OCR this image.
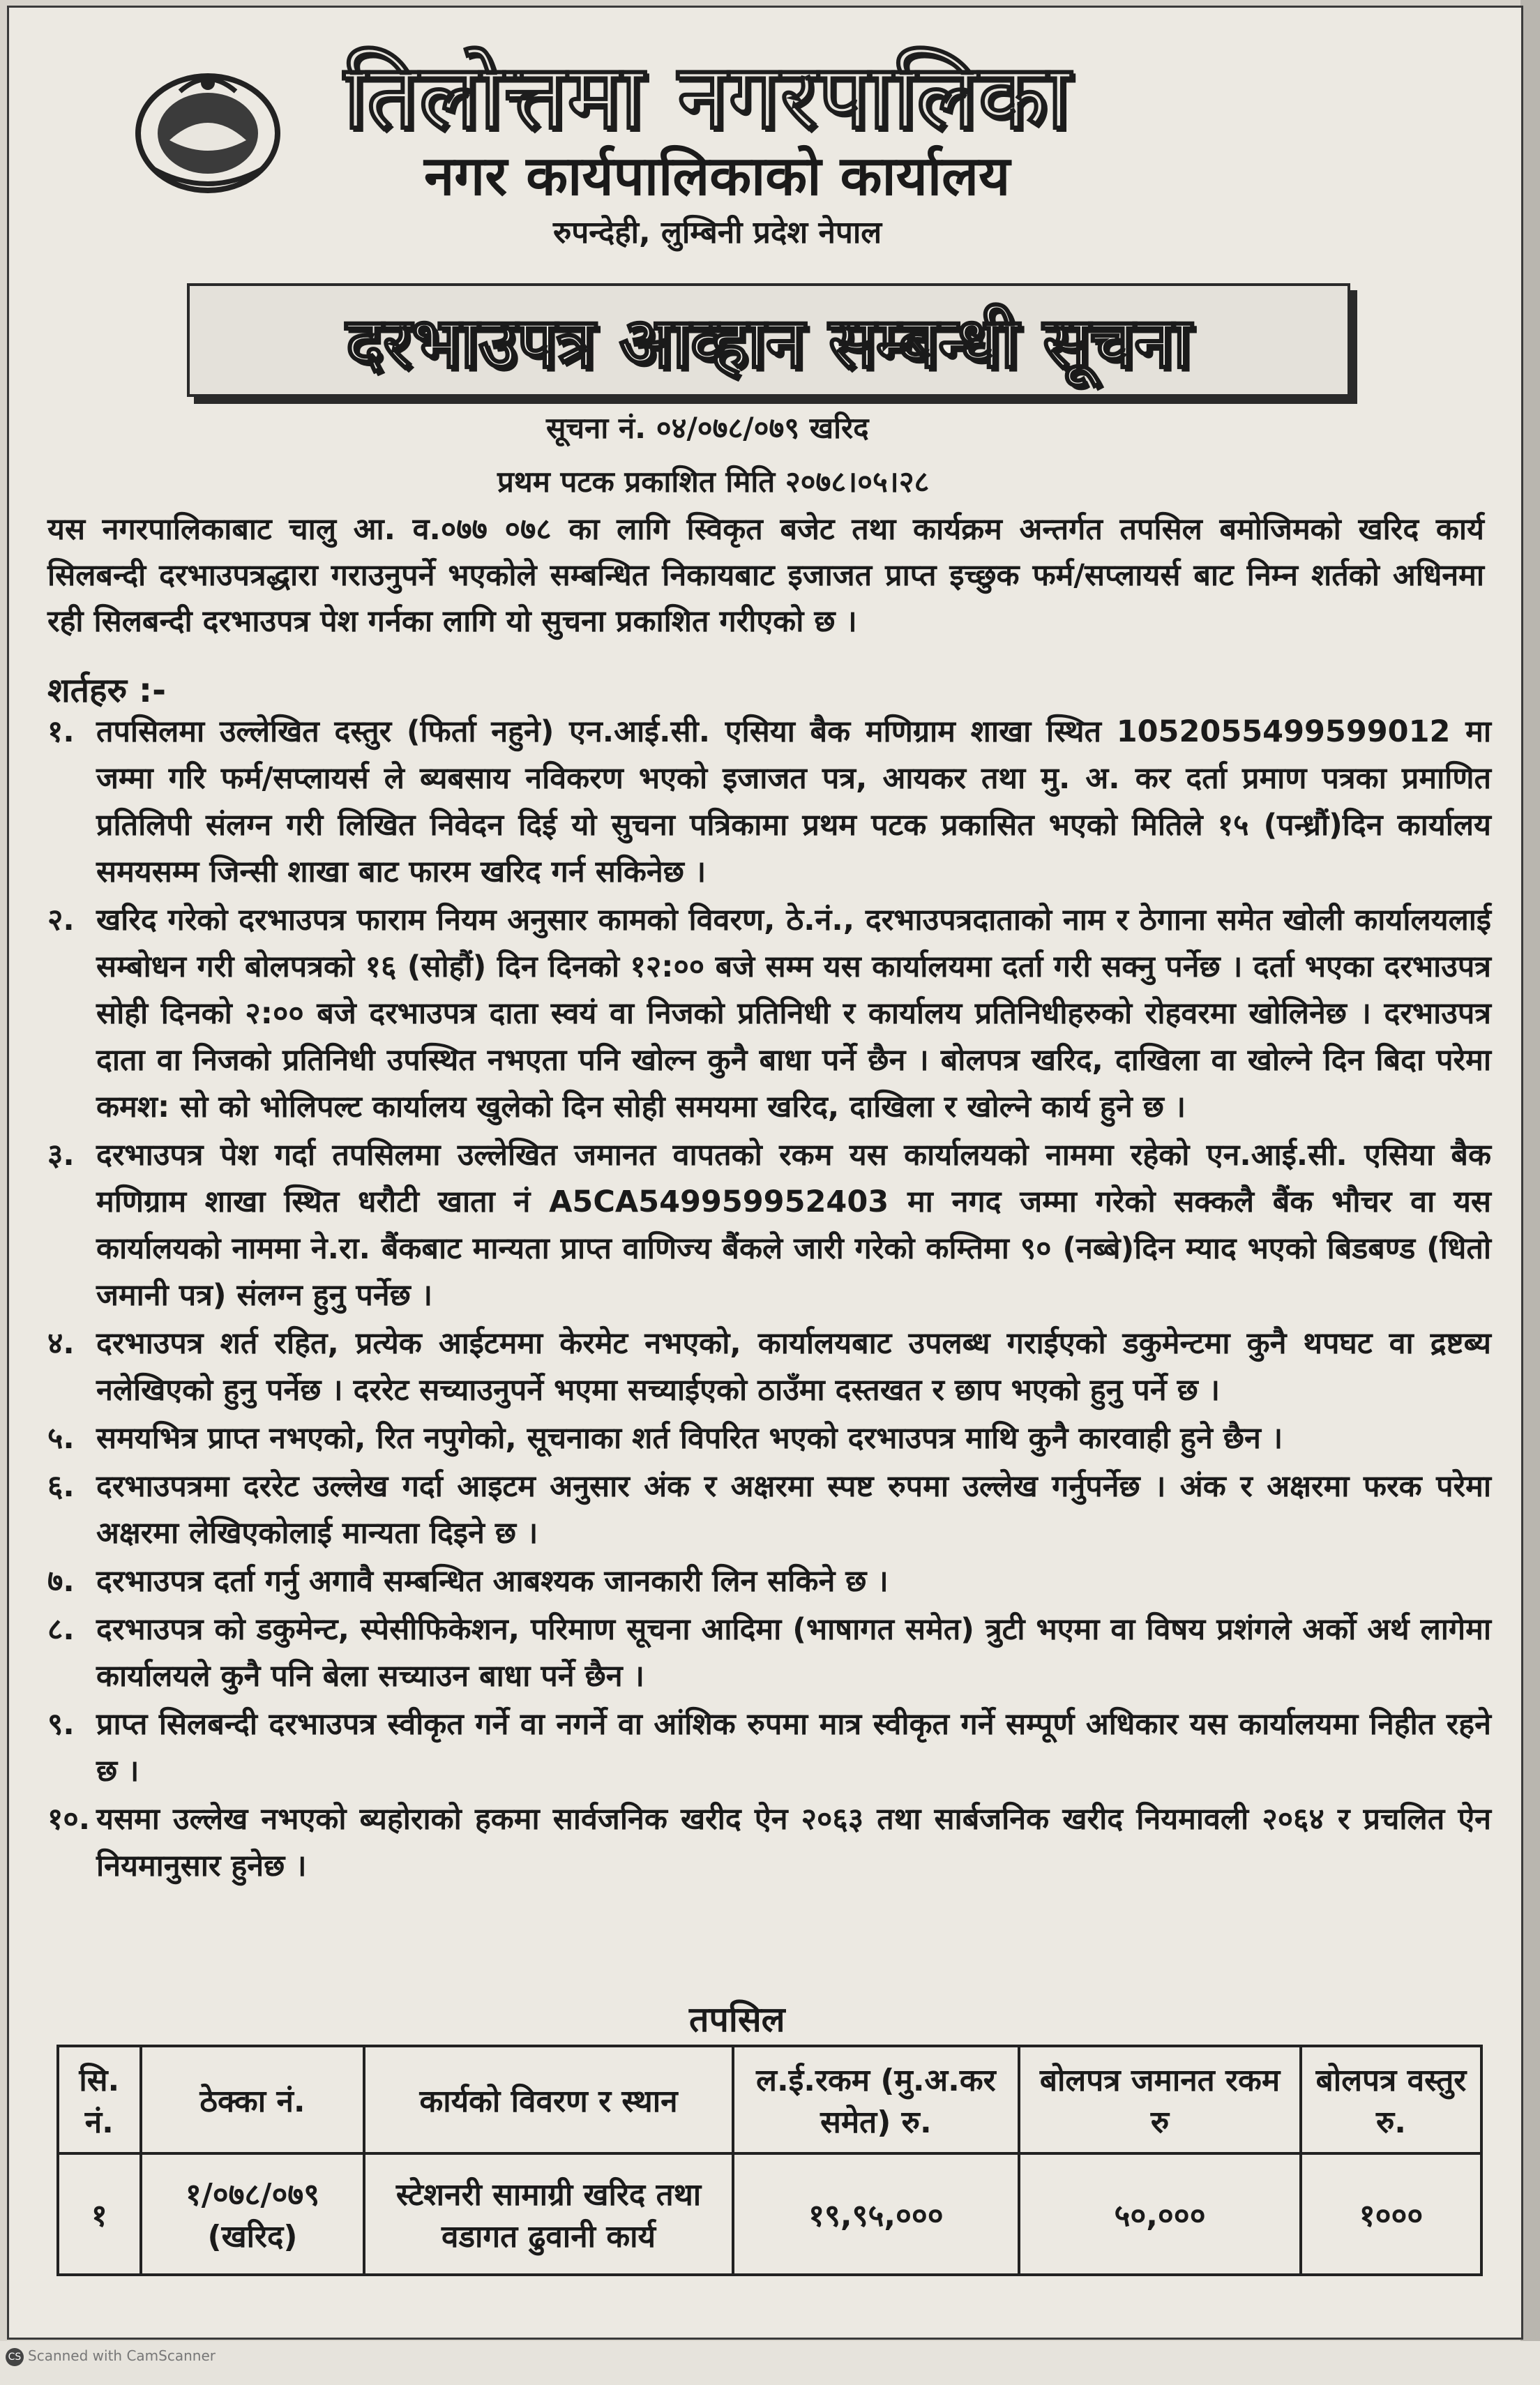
तिलोत्तमा नगरपालिका
नगर कार्यपालिकाको कार्यालय
रुपन्देही, लुम्बिनी प्रदेश नेपाल
दरभाउपत्र आव्हान सम्बन्धी सूचना
सूचना नं. ०४/०७८/०७९ खरिद
प्रथम पटक प्रकाशित मिति २०७८।०५।२८
यस नगरपालिकाबाट चालु आ. व.०७७ ०७८ का लागि स्विकृत बजेट तथा कार्यक्रम अन्तर्गत तपसिल बमोजिमको खरिद कार्य सिलबन्दी दरभाउपत्रद्धारा गराउनुपर्ने भएकोले सम्बन्धित निकायबाट इजाजत प्राप्त इच्छुक फर्म/सप्लायर्स बाट निम्न शर्तको अधिनमा रही सिलबन्दी दरभाउपत्र पेश गर्नका लागि यो सुचना प्रकाशित गरीएको छ ।
शर्तहरु :-
१. तपसिलमा उल्लेखित दस्तुर (फिर्ता नहुने) एन.आई.सी. एसिया बैक मणिग्राम शाखा स्थित 1052055499599012 मा जम्मा गरि फर्म/सप्लायर्स ले ब्यबसाय नविकरण भएको इजाजत पत्र, आयकर तथा मु. अ. कर दर्ता प्रमाण पत्रका प्रमाणित प्रतिलिपी संलग्न गरी लिखित निवेदन दिई यो सुचना पत्रिकामा प्रथम पटक प्रकासित भएको मितिले १५ (पन्ध्रौं)दिन कार्यालय समयसम्म जिन्सी शाखा बाट फारम खरिद गर्न सकिनेछ ।
२. खरिद गरेको दरभाउपत्र फाराम नियम अनुसार कामको विवरण, ठे.नं., दरभाउपत्रदाताको नाम र ठेगाना समेत खोली कार्यालयलाई सम्बोधन गरी बोलपत्रको १६ (सोहौं) दिन दिनको १२:०० बजे सम्म यस कार्यालयमा दर्ता गरी सक्नु पर्नेछ । दर्ता भएका दरभाउपत्र सोही दिनको २:०० बजे दरभाउपत्र दाता स्वयं वा निजको प्रतिनिधी र कार्यालय प्रतिनिधीहरुको रोहवरमा खोलिनेछ । दरभाउपत्र दाता वा निजको प्रतिनिधी उपस्थित नभएता पनि खोल्न कुनै बाधा पर्ने छैन । बोलपत्र खरिद, दाखिला वा खोल्ने दिन बिदा परेमा कमश: सो को भोलिपल्ट कार्यालय खुलेको दिन सोही समयमा खरिद, दाखिला र खोल्ने कार्य हुने छ ।
३. दरभाउपत्र पेश गर्दा तपसिलमा उल्लेखित जमानत वापतको रकम यस कार्यालयको नाममा रहेको एन.आई.सी. एसिया बैक मणिग्राम शाखा स्थित धरौटी खाता नं A5CA549959952403 मा नगद जम्मा गरेको सक्कलै बैंक भौचर वा यस कार्यालयको नाममा ने.रा. बैंकबाट मान्यता प्राप्त वाणिज्य बैंकले जारी गरेको कम्तिमा ९० (नब्बे)दिन म्याद भएको बिडबण्ड (धितो जमानी पत्र) संलग्न हुनु पर्नेछ ।
४. दरभाउपत्र शर्त रहित, प्रत्येक आईटममा केरमेट नभएको, कार्यालयबाट उपलब्ध गराईएको डकुमेन्टमा कुनै थपघट वा द्रष्टब्य नलेखिएको हुनु पर्नेछ । दररेट सच्याउनुपर्ने भएमा सच्याईएको ठाउँमा दस्तखत र छाप भएको हुनु पर्ने छ ।
५. समयभित्र प्राप्त नभएको, रित नपुगेको, सूचनाका शर्त विपरित भएको दरभाउपत्र माथि कुनै कारवाही हुने छैन ।
६. दरभाउपत्रमा दररेट उल्लेख गर्दा आइटम अनुसार अंक र अक्षरमा स्पष्ट रुपमा उल्लेख गर्नुपर्नेछ । अंक र अक्षरमा फरक परेमा अक्षरमा लेखिएकोलाई मान्यता दिइने छ ।
७. दरभाउपत्र दर्ता गर्नु अगावै सम्बन्धित आबश्यक जानकारी लिन सकिने छ ।
८. दरभाउपत्र को डकुमेन्ट, स्पेसीफिकेशन, परिमाण सूचना आदिमा (भाषागत समेत) त्रुटी भएमा वा विषय प्रशंगले अर्को अर्थ लागेमा कार्यालयले कुनै पनि बेला सच्याउन बाधा पर्ने छैन ।
९. प्राप्त सिलबन्दी दरभाउपत्र स्वीकृत गर्ने वा नगर्ने वा आंशिक रुपमा मात्र स्वीकृत गर्ने सम्पूर्ण अधिकार यस कार्यालयमा निहीत रहने छ ।
१०. यसमा उल्लेख नभएको ब्यहोराको हकमा सार्वजनिक खरीद ऐन २०६३ तथा सार्बजनिक खरीद नियमावली २०६४ र प्रचलित ऐन नियमानुसार हुनेछ ।
तपसिल
सि. नं.	ठेक्का नं.	कार्यको विवरण र स्थान	ल.ई.रकम (मु.अ.कर समेत) रु.	बोलपत्र जमानत रकम रु	बोलपत्र वस्तुर रु.
१	१/०७८/०७९ (खरिद)	स्टेशनरी सामाग्री खरिद तथा वडागत ढुवानी कार्य	१९,९५,०००	५०,०००	१०००
CS Scanned with CamScanner
